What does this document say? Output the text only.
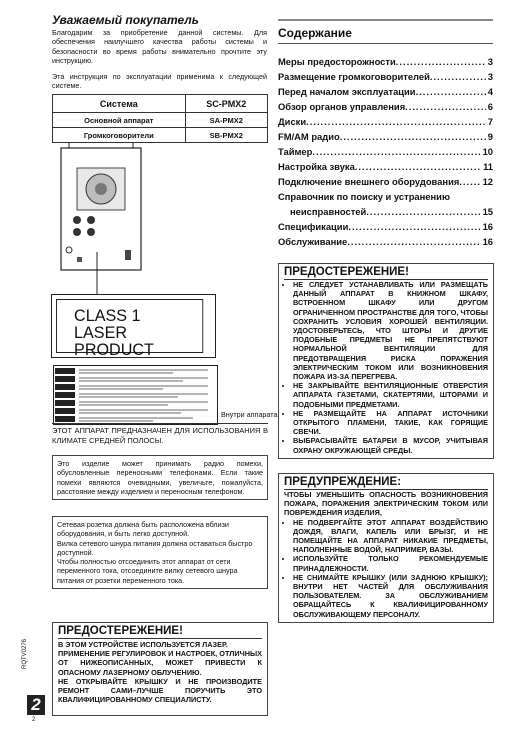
Уважаемый покупатель
Благодарим за приобретение данной системы. Для обеспечения наилучшего качества работы системы и безопасности во время работы внимательно прочтите эту инструкцию.
Эта инструкция по эксплуатации применима к следующей системе.
Система	SC-PMX2
Основной аппарат	SA-PMX2
Громкоговорители	SB-PMX2
CLASS 1
LASER PRODUCT
Внутри аппарата
ЭТОТ АППАРАТ ПРЕДНАЗНАЧЕН ДЛЯ ИСПОЛЬЗОВАНИЯ В КЛИМАТЕ СРЕДНЕЙ ПОЛОСЫ.
Это изделие может принимать радио помехи, обусловленные переносными телефонами. Если такие помехи являются очевидными, увеличьте, пожалуйста, расстояние между изделием и переносным телефоном.
Сетевая розетка должна быть расположена вблизи оборудования, и быть легко доступной.
Вилка сетевого шнура питания должна оставаться быстро доступной.
Чтобы полностью отсоединить этот аппарат от сети переменного тока, отсоедините вилку сетевого шнура питания от розетки переменного тока.
ПРЕДОСТЕРЕЖЕНИЕ!
В ЭТОМ УСТРОЙСТВЕ ИСПОЛЬЗУЕТСЯ ЛАЗЕР.
ПРИМЕНЕНИЕ РЕГУЛИРОВОК И НАСТРОЕК, ОТЛИЧНЫХ ОТ НИЖЕОПИСАННЫХ, МОЖЕТ ПРИВЕСТИ К ОПАСНОМУ ЛАЗЕРНОМУ ОБЛУЧЕНИЮ.
НЕ ОТКРЫВАЙТЕ КРЫШКУ И НЕ ПРОИЗВОДИТЕ РЕМОНТ САМИ–ЛУЧШЕ ПОРУЧИТЬ ЭТО КВАЛИФИЦИРОВАННОМУ СПЕЦИАЛИСТУ.
RQTV0276
2
2
Содержание
Меры предосторожности .....	3
Размещение громкоговорителей .....	3
Перед началом эксплуатации .....	4
Обзор органов управления .....	6
Диски .....	7
FM/AM радио .....	9
Таймер .....	10
Настройка звука .....	11
Подключение внешнего оборудования ..... 12
Справочник по поиску и устранению
неисправностей .....	15
Спецификации .....	16
Обслуживание .....	16
ПРЕДОСТЕРЕЖЕНИЕ!
• НЕ СЛЕДУЕТ УСТАНАВЛИВАТЬ ИЛИ РАЗМЕЩАТЬ ДАННЫЙ АППАРАТ В КНИЖНОМ ШКАФУ, ВСТРОЕННОМ ШКАФУ ИЛИ ДРУГОМ ОГРАНИЧЕННОМ ПРОСТРАНСТВЕ ДЛЯ ТОГО, ЧТОБЫ СОХРАНИТЬ УСЛОВИЯ ХОРОШЕЙ ВЕНТИЛЯЦИИ. УДОСТОВЕРЬТЕСЬ, ЧТО ШТОРЫ И ДРУГИЕ ПОДОБНЫЕ ПРЕДМЕТЫ НЕ ПРЕПЯТСТВУЮТ НОРМАЛЬНОЙ ВЕНТИЛЯЦИИ ДЛЯ ПРЕДОТВРАЩЕНИЯ РИСКА ПОРАЖЕНИЯ ЭЛЕКТРИЧЕСКИМ ТОКОМ ИЛИ ВОЗНИКНОВЕНИЯ ПОЖАРА ИЗ-ЗА ПЕРЕГРЕВА.
• НЕ ЗАКРЫВАЙТЕ ВЕНТИЛЯЦИОННЫЕ ОТВЕРСТИЯ АППАРАТА ГАЗЕТАМИ, СКАТЕРТЯМИ, ШТОРАМИ И ПОДОБНЫМИ ПРЕДМЕТАМИ.
• НЕ РАЗМЕЩАЙТЕ НА АППАРАТ ИСТОЧНИКИ ОТКРЫТОГО ПЛАМЕНИ, ТАКИЕ, КАК ГОРЯЩИЕ СВЕЧИ.
• ВЫБРАСЫВАЙТЕ БАТАРЕИ В МУСОР, УЧИТЫВАЯ ОХРАНУ ОКРУЖАЮЩЕЙ СРЕДЫ.
ПРЕДУПРЕЖДЕНИЕ:
ЧТОБЫ УМЕНЬШИТЬ ОПАСНОСТЬ ВОЗНИКНОВЕНИЯ ПОЖАРА, ПОРАЖЕНИЯ ЭЛЕКТРИЧЕСКИМ ТОКОМ ИЛИ ПОВРЕЖДЕНИЯ ИЗДЕЛИЯ,
• НЕ ПОДВЕРГАЙТЕ ЭТОТ АППАРАТ ВОЗДЕЙСТВИЮ ДОЖДЯ, ВЛАГИ, КАПЕЛЬ ИЛИ БРЫЗГ, И НЕ ПОМЕЩАЙТЕ НА АППАРАТ НИКАКИЕ ПРЕДМЕТЫ, НАПОЛНЕННЫЕ ВОДОЙ, НАПРИМЕР, ВАЗЫ.
• ИСПОЛЬЗУЙТЕ ТОЛЬКО РЕКОМЕНДУЕМЫЕ ПРИНАДЛЕЖНОСТИ.
• НЕ СНИМАЙТЕ КРЫШКУ (ИЛИ ЗАДНЮЮ КРЫШКУ); ВНУТРИ НЕТ ЧАСТЕЙ ДЛЯ ОБСЛУЖИВАНИЯ ПОЛЬЗОВАТЕЛЕМ. ЗА ОБСЛУЖИВАНИЕМ ОБРАЩАЙТЕСЬ К КВАЛИФИЦИРОВАННОМУ ОБСЛУЖИВАЮЩЕМУ ПЕРСОНАЛУ.
